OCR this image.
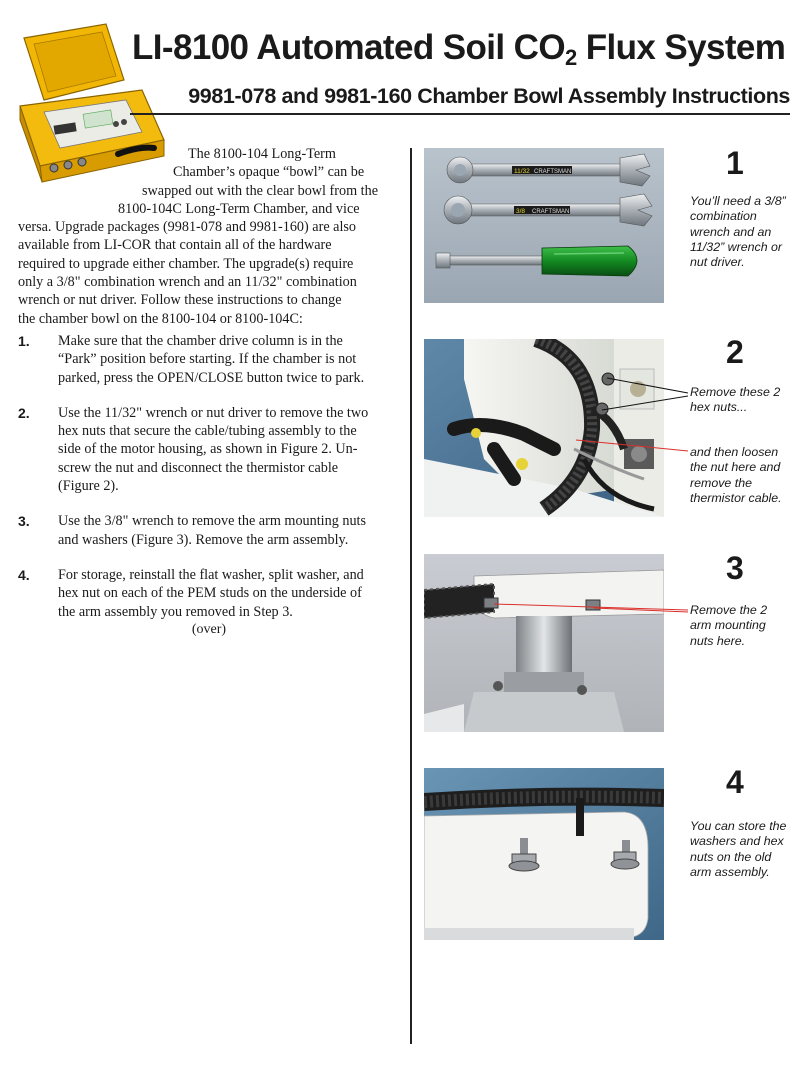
LI-8100 Automated Soil $CO_2$ Flux System
9981-078 and 9981-160 Chamber Bowl Assembly Instructions
The 8100-104 Long-Term
Chamber’s opaque “bowl” can be
swapped out with the clear bowl from the
8100-104C Long-Term Chamber, and vice
versa. Upgrade packages (9981-078 and 9981-160) are also
available from LI-COR that contain all of the hardware
required to upgrade either chamber. The upgrade(s) require
only a 3/8" combination wrench and an 11/32" combination
wrench or nut driver. Follow these instructions to change
the chamber bowl on the 8100-104 or 8100-104C:
1. Make sure that the chamber drive column is in the
“Park” position before starting. If the chamber is not
parked, press the OPEN/CLOSE button twice to park.
2. Use the 11/32" wrench or nut driver to remove the two
hex nuts that secure the cable/tubing assembly to the
side of the motor housing, as shown in Figure 2. Un-
screw the nut and disconnect the thermistor cable
(Figure 2).
3. Use the 3/8" wrench to remove the arm mounting nuts
and washers (Figure 3). Remove the arm assembly.
4. For storage, reinstall the flat washer, split washer, and
hex nut on each of the PEM studs on the underside of
the arm assembly you removed in Step 3.
(over)
11/32 CRAFTSMAN
3/8 CRAFTSMAN
1
You’ll need a 3/8”
combination
wrench and an
11/32” wrench or
nut driver.
2
Remove these 2
hex nuts...
and then loosen
the nut here and
remove the
thermistor cable.
3
Remove the 2
arm mounting
nuts here.
4
You can store the
washers and hex
nuts on the old
arm assembly.
